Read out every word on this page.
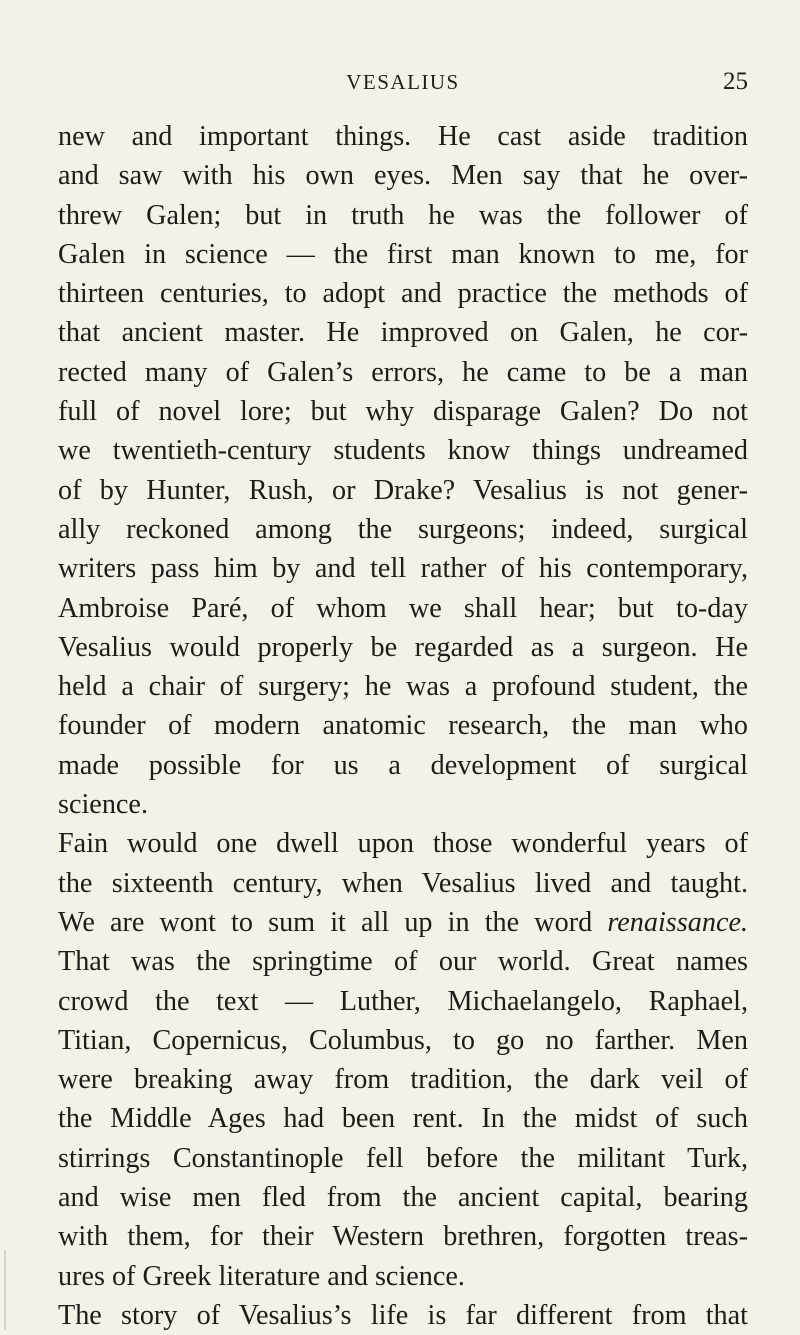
VESALIUS	25
new and important things. He cast aside tradition
and saw with his own eyes. Men say that he over-
threw Galen; but in truth he was the follower of
Galen in science — the first man known to me, for
thirteen centuries, to adopt and practice the methods of
that ancient master. He improved on Galen, he cor-
rected many of Galen’s errors, he came to be a man
full of novel lore; but why disparage Galen? Do not
we twentieth-century students know things undreamed
of by Hunter, Rush, or Drake? Vesalius is not gener-
ally reckoned among the surgeons; indeed, surgical
writers pass him by and tell rather of his contemporary,
Ambroise Paré, of whom we shall hear; but to-day
Vesalius would properly be regarded as a surgeon. He
held a chair of surgery; he was a profound student, the
founder of modern anatomic research, the man who
made possible for us a development of surgical
science.
Fain would one dwell upon those wonderful years of
the sixteenth century, when Vesalius lived and taught.
We are wont to sum it all up in the word renaissance.
That was the springtime of our world. Great names
crowd the text — Luther, Michaelangelo, Raphael,
Titian, Copernicus, Columbus, to go no farther. Men
were breaking away from tradition, the dark veil of
the Middle Ages had been rent. In the midst of such
stirrings Constantinople fell before the militant Turk,
and wise men fled from the ancient capital, bearing
with them, for their Western brethren, forgotten treas-
ures of Greek literature and science.
The story of Vesalius’s life is far different from that
